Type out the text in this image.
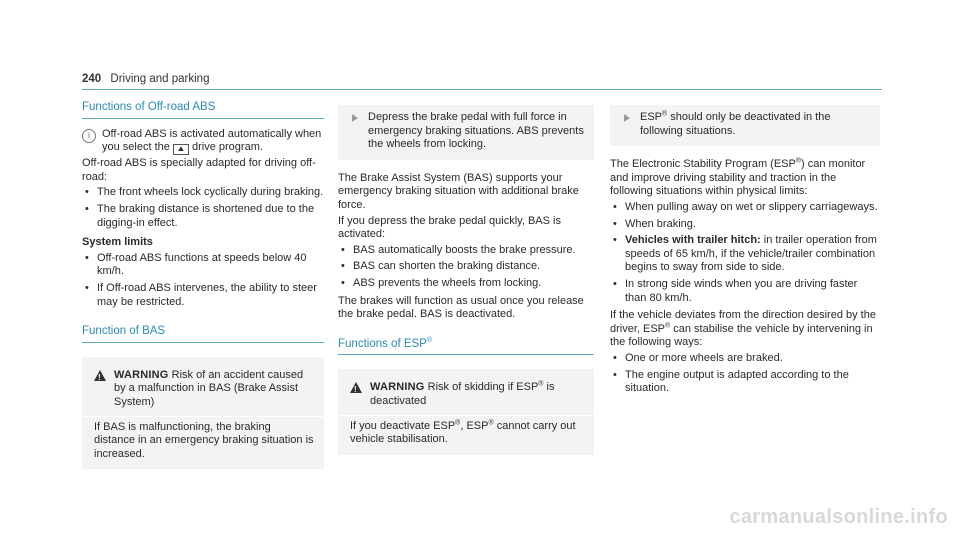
240 Driving and parking
Functions of Off-road ABS
i	Off-road ABS is activated automatically when you select the ⛰ drive program.

Off-road ABS is specially adapted for driving off-road:

• The front wheels lock cyclically during braking.
• The braking distance is shortened due to the digging-in effect.
System limits
• Off-road ABS functions at speeds below 40 km/h.
• If Off-road ABS intervenes, the ability to steer may be restricted.
Function of BAS
!
WARNING Risk of an accident caused by a malfunction in BAS (Brake Assist System)
If BAS is malfunctioning, the braking distance in an emergency braking situation is increased.
Depress the brake pedal with full force in emergency braking situations. ABS prevents the wheels from locking.

The Brake Assist System (BAS) supports your emergency braking situation with additional brake force.

If you depress the brake pedal quickly, BAS is activated:

• BAS automatically boosts the brake pressure.
• BAS can shorten the braking distance.
• ABS prevents the wheels from locking.

The brakes will function as usual once you release the brake pedal. BAS is deactivated.

Functions of ESP®
!
WARNING Risk of skidding if ESP® is deactivated
If you deactivate ESP®, ESP® cannot carry out vehicle stabilisation.
ESP® should only be deactivated in the following situations.

The Electronic Stability Program (ESP®) can monitor and improve driving stability and traction in the following situations within physical limits:

• When pulling away on wet or slippery carriageways.
• When braking.
• Vehicles with trailer hitch: in trailer operation from speeds of 65 km/h, if the vehicle/trailer combination begins to sway from side to side.
• In strong side winds when you are driving faster than 80 km/h.

If the vehicle deviates from the direction desired by the driver, ESP® can stabilise the vehicle by intervening in the following ways:

• One or more wheels are braked.
• The engine output is adapted according to the situation.
carmanualsonline.info
